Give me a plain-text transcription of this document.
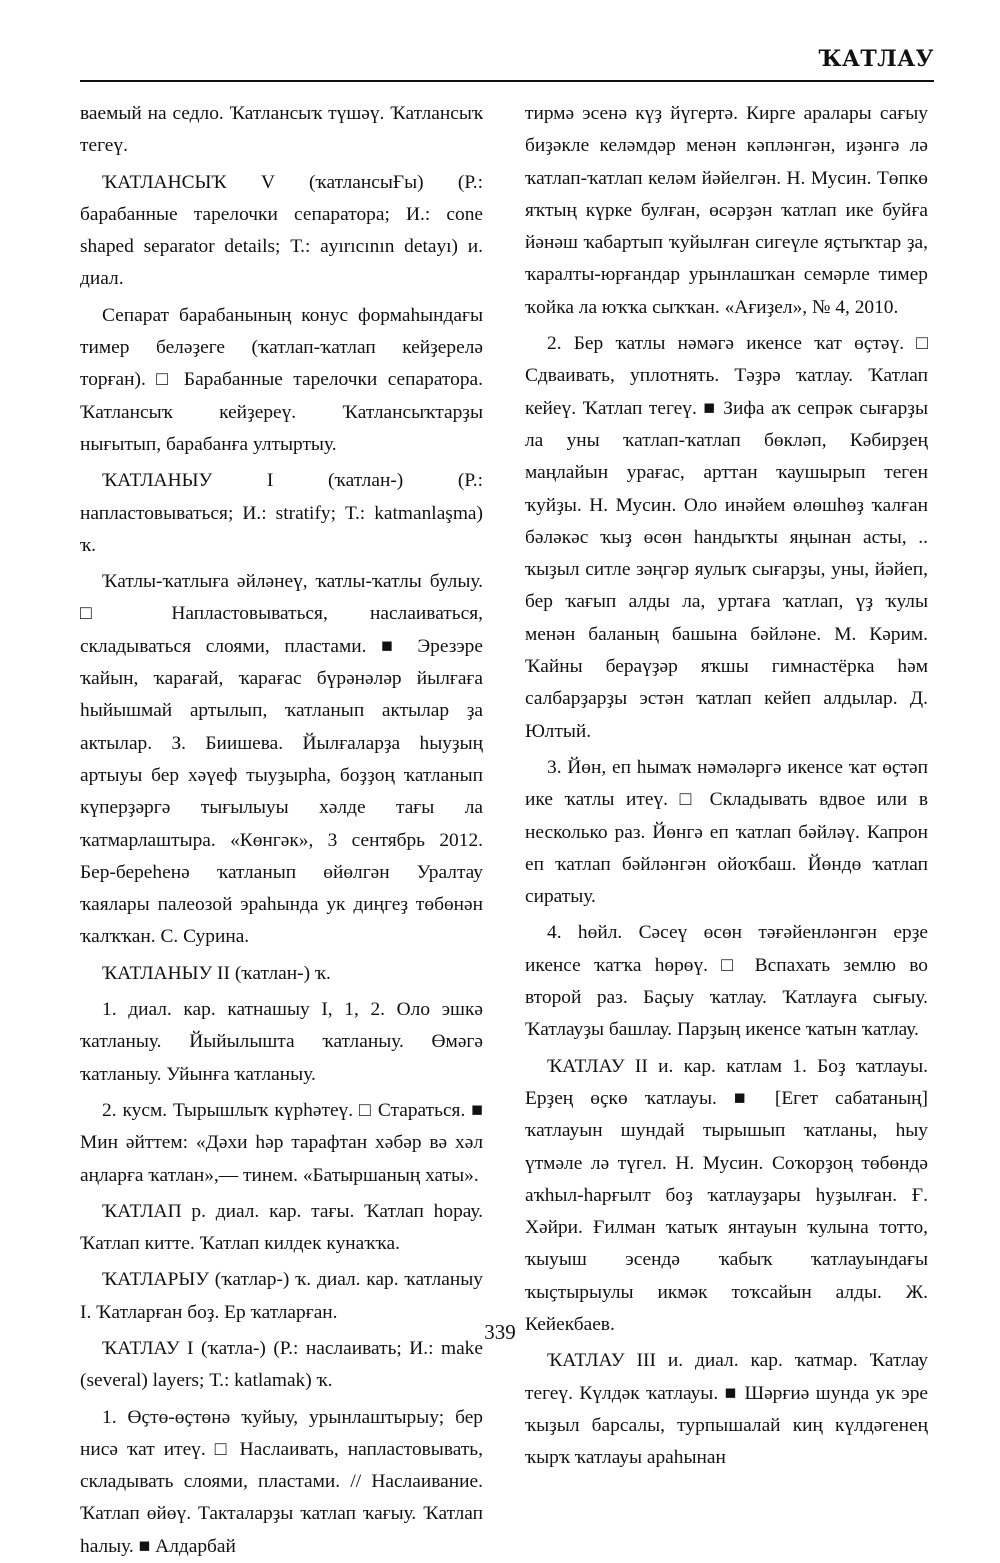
ҠАТЛАУ

ваемый на седло. Ҡатлансыҡ түшәү. Ҡатлансыҡ тегеү.

ҠАТЛАНСЫҠ V (ҡатлансыҒы) (Р.: барабанные тарелочки сепаратора; И.: cone shaped separator details; Т.: ayırıcının detayı) и. диал.

Сепарат барабанының конус формаһындағы тимер беләҙеге (ҡатлап-ҡатлап кейҙерелә торған). □ Барабанные тарелочки сепаратора. Ҡатлансыҡ кейҙереү. Ҡатлансыҡтарҙы нығытып, барабанға ултыртыу.

ҠАТЛАНЫУ I (ҡатлан-) (Р.: напластовываться; И.: stratify; Т.: katmanlaşma) ҡ.

Ҡатлы-ҡатлыға әйләнеү, ҡатлы-ҡатлы булыу. □ Напластовываться, наслаиваться, складываться слоями, пластами. ■ Эрезэре ҡайын, ҡарағай, ҡарағас бүрәнәләр йылғаға һыйышмай артылып, ҡатланып актылар ҙа актылар. З. Биишева. Йылғаларҙа һыуҙың артыуы бер хәүеф тыуҙырһа, боҙҙоң ҡатланып күперҙәргә тығылыуы хәлде тағы ла ҡатмарлаштыра. «Көнгәк», 3 сентябрь 2012. Бер-береһенә ҡатланып өйөлгән Уралтау ҡаялары палеозой эраһында ук диңгеҙ төбөнән ҡалҡҡан. С. Сурина.

ҠАТЛАНЫУ II (ҡатлан-) ҡ.

1. диал. кар. катнашыу I, 1, 2. Оло эшкә ҡатланыу. Йыйылышта ҡатланыу. Өмәгә ҡатланыу. Уйынға ҡатланыу.

2. кусм. Тырышлыҡ күрһәтеү. □ Стараться. ■ Мин әйттем: «Дәхи һәр тарафтан хәбәр вә хәл аңларға ҡатлан»,— тинем. «Батыршаның хаты».

ҠАТЛАП р. диал. кар. тағы. Ҡатлап һорау. Ҡатлап китте. Ҡатлап килдек кунаҡҡа.

ҠАТЛАРЫУ (ҡатлар-) ҡ. диал. кар. ҡатланыу I. Ҡатларған боҙ. Ер ҡатларған.

ҠАТЛАУ I (ҡатла-) (Р.: наслаивать; И.: make (several) layers; Т.: katlamak) ҡ.

1. Өҫтө-өҫтөнә ҡуйыу, урынлаштырыу; бер нисә ҡат итеү. □ Наслаивать, напластовывать, складывать слоями, пластами. // Наслаивание. Ҡатлап өйөү. Такталарҙы ҡатлап ҡағыу. Ҡатлап һалыу. ■ Алдарбай

тирмә эсенә күҙ йүгертә. Кирге аралары сағыу биҙәкле келәмдәр менән кәпләнгән, иҙәнгә лә ҡатлап-ҡатлап келәм йәйелгән. Н. Мусин. Төпкө яҡтың күрке булған, өсәрҙән ҡатлап ике буйға йәнәш ҡабартып ҡуйылған сигеүле яҫтыҡтар ҙа, ҡаралты-юрғандар урынлашҡан семәрле тимер ҡойка ла юҡҡа сыҡҡан. «Ағиҙел», № 4, 2010.

2. Бер ҡатлы нәмәгә икенсе ҡат өҫтәү. □ Сдваивать, уплотнять. Тәҙрә ҡатлау. Ҡатлап кейеү. Ҡатлап тегеү. ■ Зифа аҡ сепрәк сығарҙы ла уны ҡатлап-ҡатлап бөкләп, Кәбирҙең маңлайын урағас, арттан ҡаушырып теген ҡуйҙы. Н. Мусин. Оло инәйем өлөшһөҙ ҡалған бәләкәс ҡыҙ өсөн һандыҡты яңынан асты, .. ҡыҙыл ситле зәңгәр яулыҡ сығарҙы, уны, йәйеп, бер ҡағып алды ла, уртаға ҡатлап, үҙ ҡулы менән баланың башына бәйләне. М. Кәрим. Ҡайны бераүҙәр яҡшы гимнастёрка һәм салбарҙарҙы эстән ҡатлап кейеп алдылар. Д. Юлтый.

3. Йөн, еп һымаҡ нәмәләргә икенсе ҡат өҫтәп ике ҡатлы итеү. □ Складывать вдвое или в несколько раз. Йөнгә еп ҡатлап бәйләү. Капрон еп ҡатлап бәйләнгән ойоҡбаш. Йөндө ҡатлап сиратыу.

4. һөйл. Сәсеү өсөн тәғәйенләнгән ерҙе икенсе ҡатҡа һөрөү. □ Вспахать землю во второй раз. Баҫыу ҡатлау. Ҡатлауға сығыу. Ҡатлауҙы башлау. Парҙың икенсе ҡатын ҡатлау.

ҠАТЛАУ II и. кар. катлам 1. Боҙ ҡатлауы. Ерҙең өҫкө ҡатлауы. ■ [Егет сабатаның] ҡатлауын шундай тырышып ҡатланы, һыу үтмәле лә түгел. Н. Мусин. Соҡорҙоң төбөндә аҡһыл-һарғылт боҙ ҡатлауҙары һуҙылған. Ғ. Хәйри. Ғилман ҡатыҡ янтауын ҡулына тотто, ҡыуыш эсендә ҡабыҡ ҡатлауындағы ҡыҫтырыулы икмәк тоҡсайын алды. Ж. Кейекбаев.

ҠАТЛАУ III и. диал. кар. ҡатмар. Ҡатлау тегеү. Күлдәк ҡатлауы. ■ Шәрғиә шунда ук эре ҡыҙыл барсалы, турпышалай киң күлдәгенең ҡырҡ ҡатлауы араһынан

339
